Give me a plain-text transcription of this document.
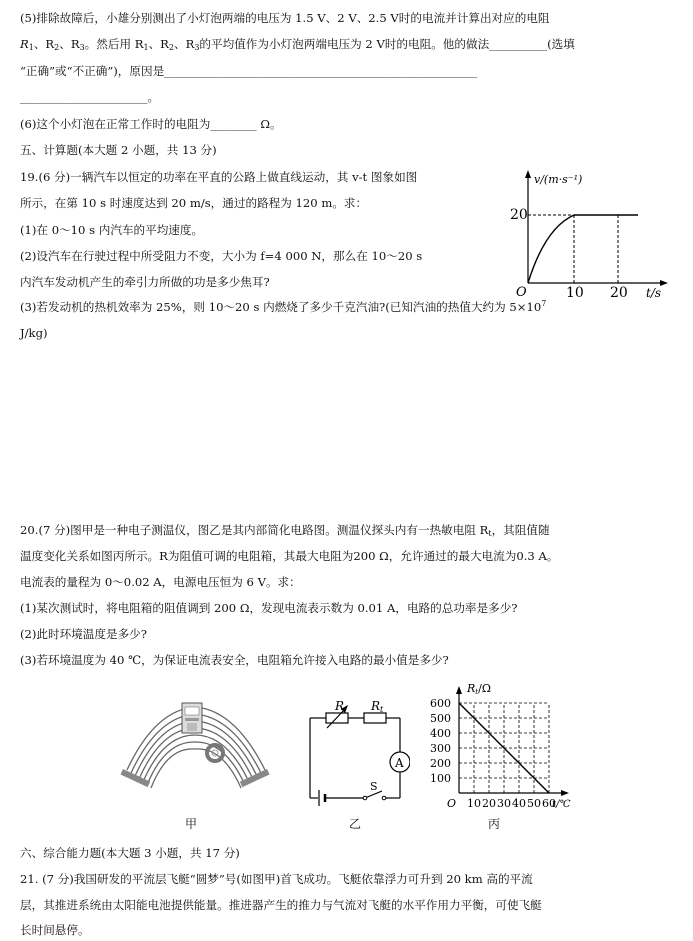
(5)排除故障后，小雄分别测出了小灯泡两端的电压为 1.5 V、2 V、2.5 V时的电流并计算出对应的电阻
$R_1$、$R_2$、$R_3$。然后用 $R_1$、$R_2$、$R_3$的平均值作为小灯泡两端电压为 2 V时的电阻。他的做法__________(选填
“正确”或“不正确”)，原因是______________________________________________________
______________________。
(6)这个小灯泡在正常工作时的电阻为________ Ω。
五、计算题(本大题 2 小题，共 13 分)
19.(6 分)一辆汽车以恒定的功率在平直的公路上做直线运动，其 v-t 图象如图
所示，在第 10 s 时速度达到 20 m/s，通过的路程为 120 m。求：
(1)在 0～10 s 内汽车的平均速度。
(2)设汽车在行驶过程中所受阻力不变，大小为 f=4 000 N，那么在 10～20 s
内汽车发动机产生的牵引力所做的功是多少焦耳?
(3)若发动机的热机效率为 25%，则 10～20 s 内燃烧了多少千克汽油?(已知汽油的热值大约为 $5\times 10^7$
J/kg)
v/(m·s⁻¹)
20
O	10 20 t/s
20.(7 分)图甲是一种电子测温仪，图乙是其内部简化电路图。测温仪探头内有一热敏电阻 $R_t$，其阻值随
温度变化关系如图丙所示。R为阻值可调的电阻箱，其最大电阻为200 Ω，允许通过的最大电流为0.3 A。
电流表的量程为 0～0.02 A，电源电压恒为 6 V。求：
(1)某次测试时，将电阻箱的阻值调到 200 Ω，发现电流表示数为 0.01 A，电路的总功率是多少?
(2)此时环境温度是多少?
(3)若环境温度为 40 ℃，为保证电流表安全，电阻箱允许接入电路的最小值是多少?
甲
R Rt
A
S
乙
Rt/Ω
600
500
400
300
200
100
O 10 20 30 40 50 60
t/℃
丙
六、综合能力题(本大题 3 小题，共 17 分)
21. (7 分)我国研发的平流层飞艇“圆梦”号(如图甲)首飞成功。飞艇依靠浮力可升到 20 km 高的平流
层，其推进系统由太阳能电池提供能量。推进器产生的推力与气流对飞艇的水平作用力平衡，可使飞艇
长时间悬停。
